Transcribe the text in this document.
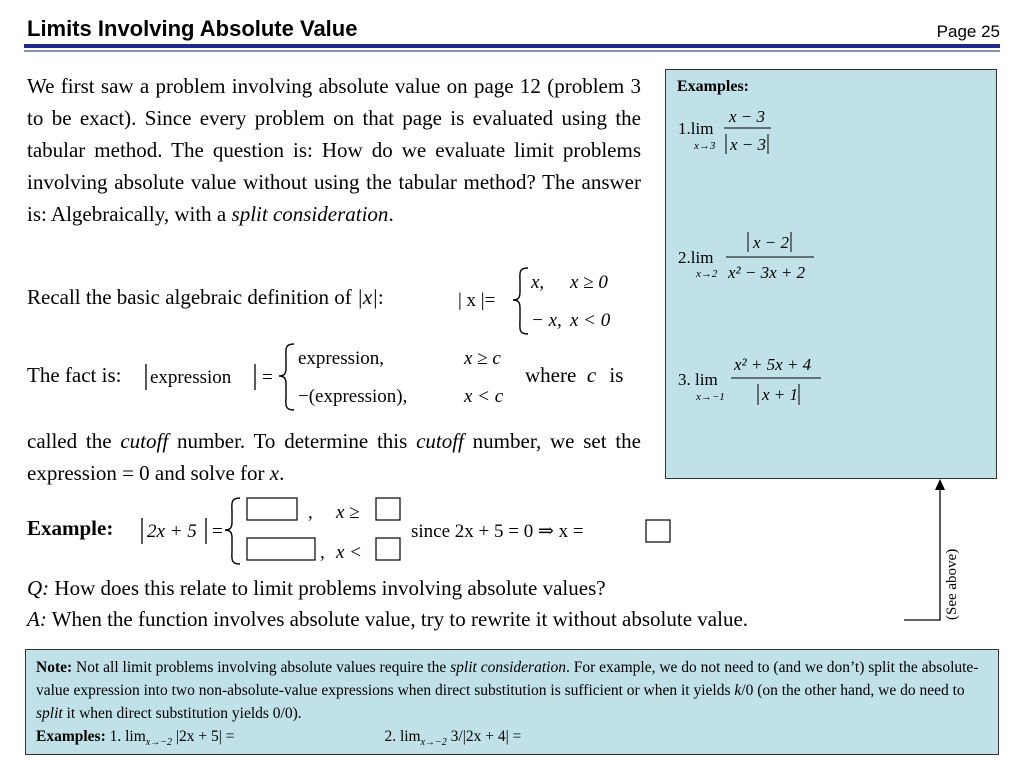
Limits Involving Absolute Value	Page 25
We first saw a problem involving absolute value on page 12 (problem 3 to be exact). Since every problem on that page is evaluated using the tabular method. The question is: How do we evaluate limit problems involving absolute value without using the tabular method? The answer is: Algebraically, with a split consideration.
Recall the basic algebraic definition of |x|:	| x |=
x, x ≥ 0
− x, x < 0
The fact is: expression =
expression,	x ≥ c
−(expression),	x < c
where c is
called the cutoff number. To determine this cutoff number, we set the expression = 0 and solve for x.
Example: 2x + 5 =
, x ≥
, x <
since 2x + 5 = 0 ⇒ x =
Q: How does this relate to limit problems involving absolute values?
A: When the function involves absolute value, try to rewrite it without absolute value.	(See above)
Examples:
1.lim
x→3
x − 3
x − 3
2.lim
x→2
x − 2
x² − 3x + 2
3. lim
x→−1
x² + 5x + 4
x + 1
Note: Not all limit problems involving absolute values require the split consideration. For example, we do not need to (and we don’t) split the absolute-value expression into two non-absolute-value expressions when direct substitution is sufficient or when it yields k/0 (on the other hand, we do need to split it when direct substitution yields 0/0).
Examples: 1. $\lim_{x\to-2} |2x + 5|$ =	2. $\lim_{x\to-2} 3/|2x + 4|$ =
